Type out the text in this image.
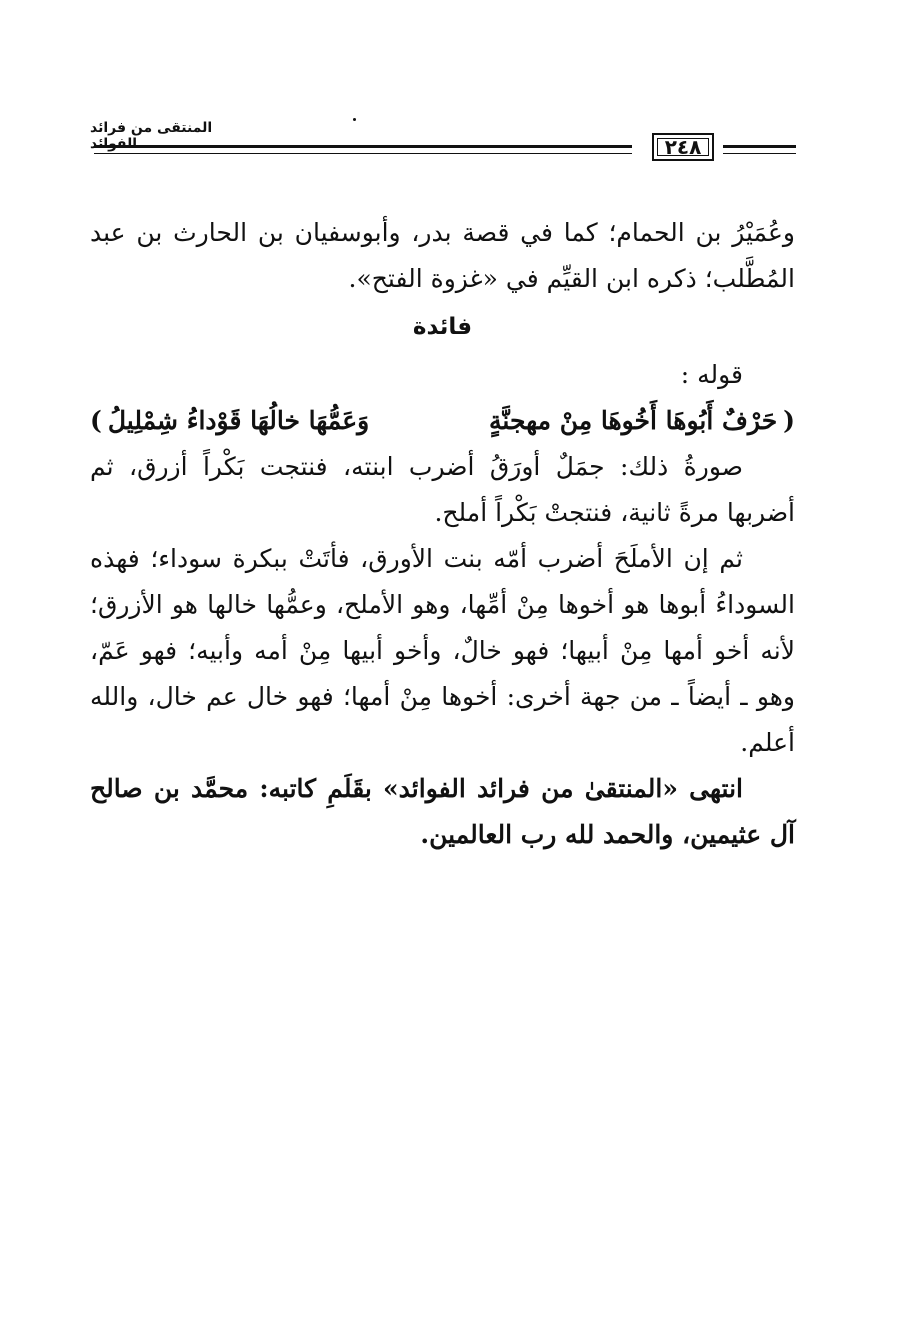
المنتقى من فرائد الفوائد	٢٤٨

وعُمَيْرُ بن الحمام؛ كما في قصة بدر، وأبوسفيان بن الحارث بن عبد المُطَّلب؛ ذكره ابن القيِّم في «غزوة الفتح».

فائدة

قوله :

(
حَرْفٌ أَبُوهَا أَخُوهَا مِنْ مهجنَّةٍ
وَعَمُّهَا خالُهَا قَوْداءُ شِمْلِيلُ
)

صورةُ ذلك: جمَلٌ أورَقُ أضرب ابنته، فنتجت بَكْراً أزرق، ثم أضربها مرةً ثانية، فنتجتْ بَكْراً أملح.

ثم إن الأملَحَ أضرب أمّه بنت الأورق، فأتَتْ ببكرة سوداء؛ فهذه السوداءُ أبوها هو أخوها مِنْ أمِّها، وهو الأملح، وعمُّها خالها هو الأزرق؛ لأنه أخو أمها مِنْ أبيها؛ فهو خالٌ، وأخو أبيها مِنْ أمه وأبيه؛ فهو عَمّ، وهو ـ أيضاً ـ من جهة أخرى: أخوها مِنْ أمها؛ فهو خال عم خال، والله أعلم.

انتهى «المنتقىٰ من فرائد الفوائد» بقَلَمِ كاتبه: محمَّد بن صالح آل عثيمين، والحمد لله رب العالمين.
